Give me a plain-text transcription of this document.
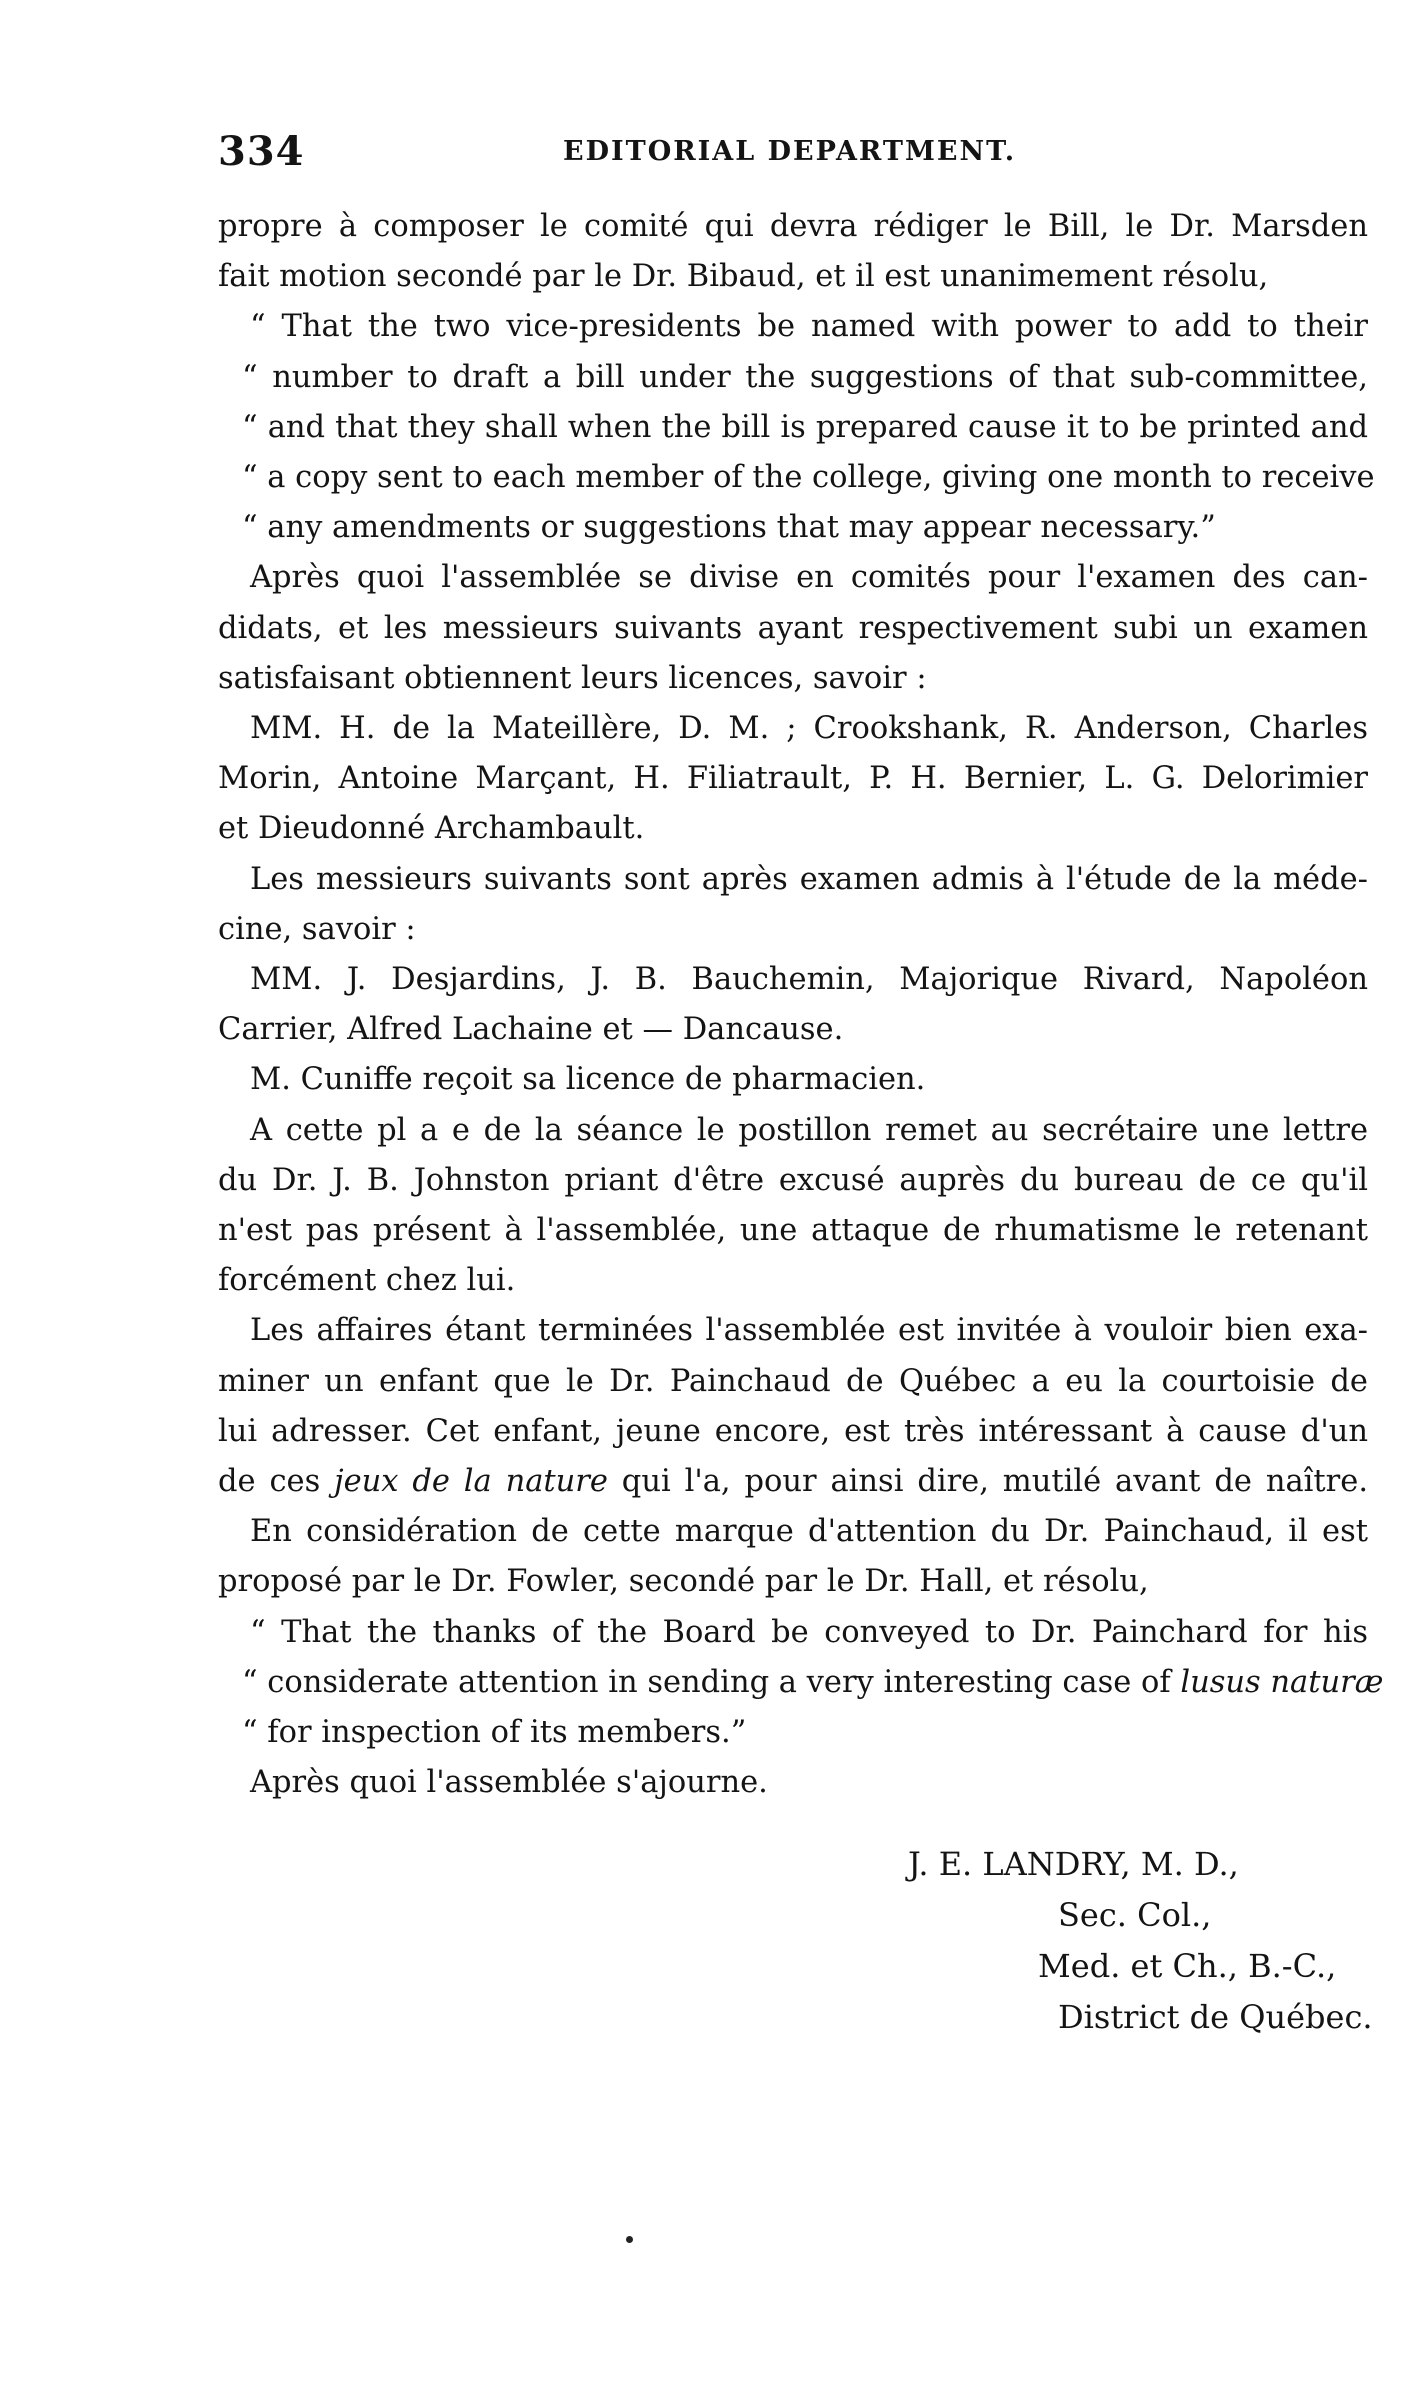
334	EDITORIAL DEPARTMENT.
propre à composer le comité qui devra rédiger le Bill, le Dr. Marsden
fait motion secondé par le Dr. Bibaud, et il est unanimement résolu,
“ That the two vice-presidents be named with power to add to their
“ number to draft a bill under the suggestions of that sub-committee,
“ and that they shall when the bill is prepared cause it to be printed and
“ a copy sent to each member of the college, giving one month to receive
“ any amendments or suggestions that may appear necessary.”
Après quoi l'assemblée se divise en comités pour l'examen des can-
didats, et les messieurs suivants ayant respectivement subi un examen
satisfaisant obtiennent leurs licences, savoir :
MM. H. de la Mateillère, D. M. ; Crookshank, R. Anderson, Charles
Morin, Antoine Marçant, H. Filiatrault, P. H. Bernier, L. G. Delorimier
et Dieudonné Archambault.
Les messieurs suivants sont après examen admis à l'étude de la méde-
cine, savoir :
MM. J. Desjardins, J. B. Bauchemin, Majorique Rivard, Napoléon
Carrier, Alfred Lachaine et — Dancause.
M. Cuniffe reçoit sa licence de pharmacien.
A cette pl a e de la séance le postillon remet au secrétaire une lettre
du Dr. J. B. Johnston priant d'être excusé auprès du bureau de ce qu'il
n'est pas présent à l'assemblée, une attaque de rhumatisme le retenant
forcément chez lui.
Les affaires étant terminées l'assemblée est invitée à vouloir bien exa-
miner un enfant que le Dr. Painchaud de Québec a eu la courtoisie de
lui adresser. Cet enfant, jeune encore, est très intéressant à cause d'un
de ces jeux de la nature qui l'a, pour ainsi dire, mutilé avant de naître.
En considération de cette marque d'attention du Dr. Painchaud, il est
proposé par le Dr. Fowler, secondé par le Dr. Hall, et résolu,
“ That the thanks of the Board be conveyed to Dr. Painchard for his
“ considerate attention in sending a very interesting case of lusus naturæ
“ for inspection of its members.”
Après quoi l'assemblée s'ajourne.
J. E. LANDRY, M. D.,
Sec. Col.,
Med. et Ch., B.-C.,
District de Québec.
